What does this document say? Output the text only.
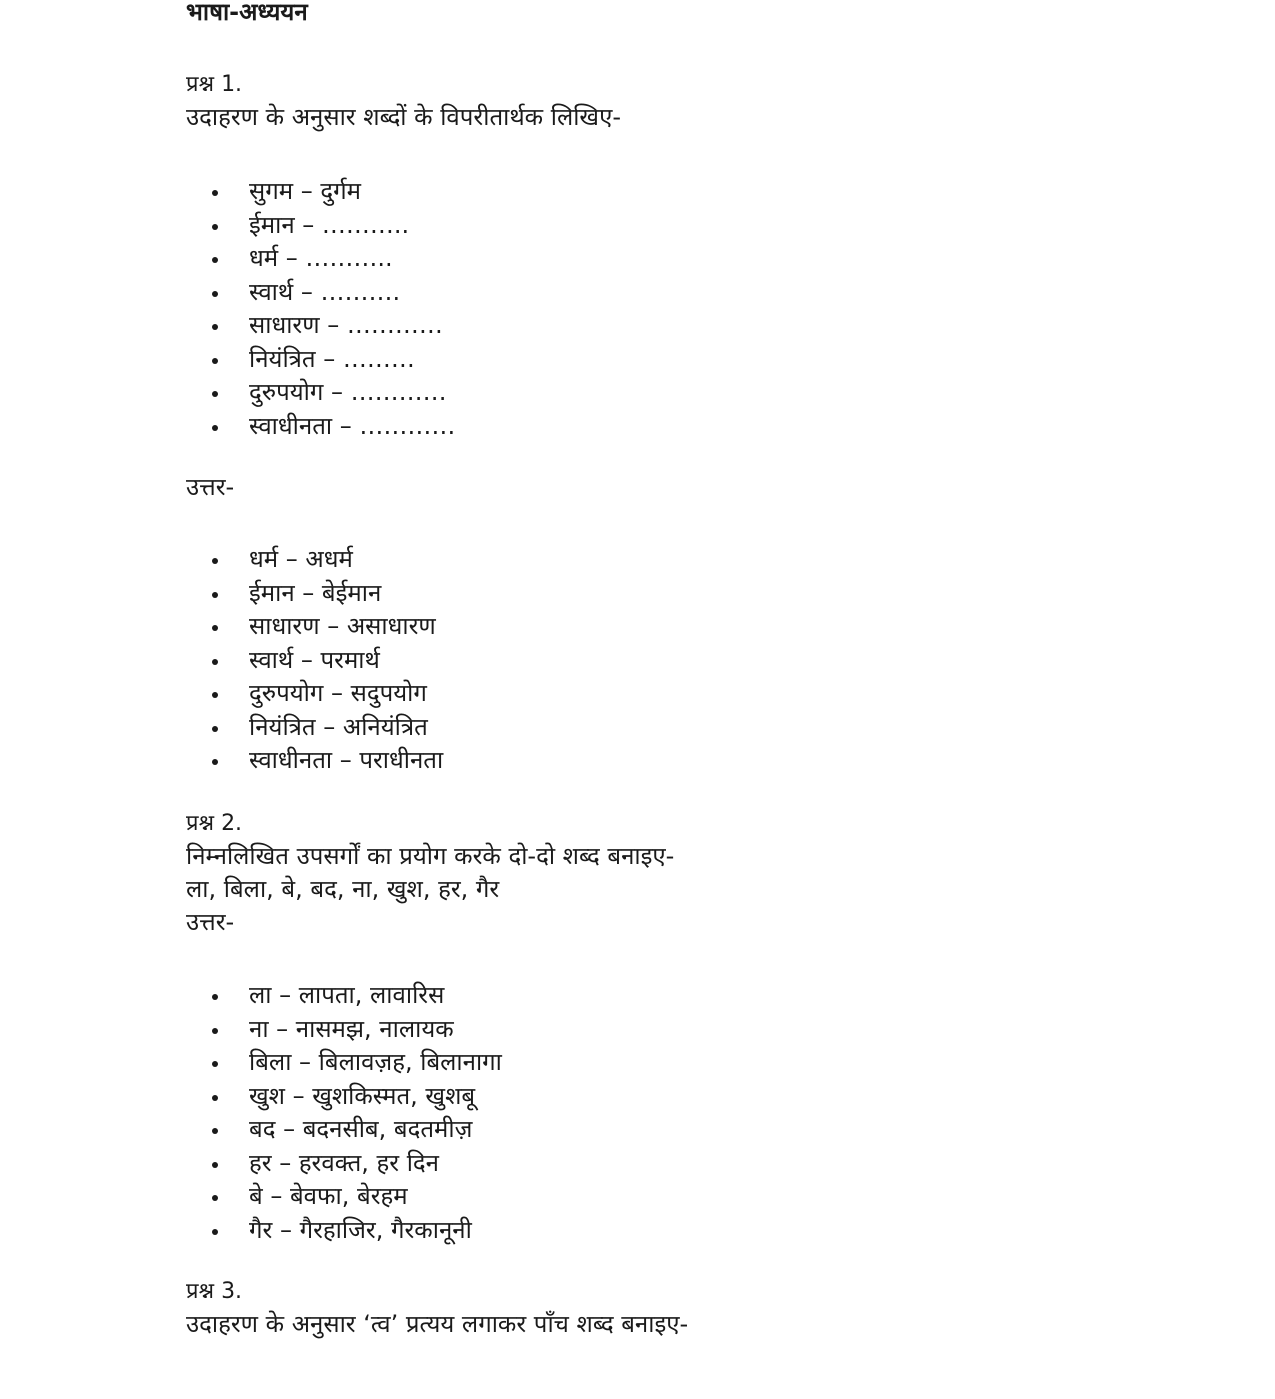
भाषा-अध्ययन

प्रश्न 1.

उदाहरण के अनुसार शब्दों के विपरीतार्थक लिखिए-

सुगम – दुर्गम
ईमान – ………..
धर्म – ………..
स्वार्थ – ……….
साधारण – …………
नियंत्रित – ………
दुरुपयोग – …………
स्वाधीनता – …………

उत्तर-

धर्म – अधर्म
ईमान – बेईमान
साधारण – असाधारण
स्वार्थ – परमार्थ
दुरुपयोग – सदुपयोग
नियंत्रित – अनियंत्रित
स्वाधीनता – पराधीनता

प्रश्न 2.

निम्नलिखित उपसर्गों का प्रयोग करके दो-दो शब्द बनाइए-

ला, बिला, बे, बद, ना, खुश, हर, गैर

उत्तर-

ला – लापता, लावारिस
ना – नासमझ, नालायक
बिला – बिलावज़ह, बिलानागा
खुश – खुशकिस्मत, खुशबू
बद – बदनसीब, बदतमीज़
हर – हरवक्त, हर दिन
बे – बेवफा, बेरहम
गैर – गैरहाजिर, गैरकानूनी

प्रश्न 3.

उदाहरण के अनुसार ‘त्व’ प्रत्यय लगाकर पाँच शब्द बनाइए-
